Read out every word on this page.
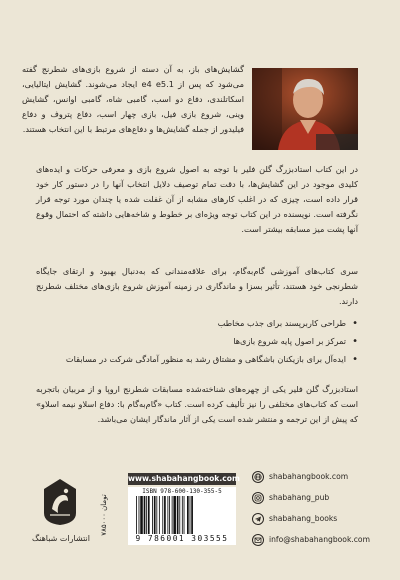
گشایش‌های باز، به آن دسته از شروع بازی‌های شطرنج گفته می‌شود که پس از 1.e4 e5 ایجاد می‌شوند. گشایش ایتالیایی، اسکاتلندی، دفاع دو اسب، گامبی شاه، گامبی اوانس، گشایش وینی، شروع بازی فیل، بازی چهار اسب، دفاع پتروف و دفاع فیلیدور از جمله گشایش‌ها و دفاع‌های مرتبط با این انتخاب هستند.
در این کتاب استادبزرگ گلن فلیر با توجه به اصول شروع بازی و معرفی حرکات و ایده‌های کلیدی موجود در این گشایش‌ها، با دقت تمام توصیف دلایل انتخاب آنها را در دستور کار خود قرار داده است، چیزی که در اغلب کارهای مشابه از آن غفلت شده یا چندان مورد توجه قرار نگرفته است. نویسنده در این کتاب توجه ویژه‌ای بر خطوط و شاخه‌هایی داشته که احتمال وقوع آنها پشت میز مسابقه بیشتر است.
سری کتاب‌های آموزشی گام‌به‌گام، برای علاقه‌مندانی که به‌دنبال بهبود و ارتقای جایگاه شطرنجی خود هستند، تأثیر بسزا و ماندگاری در زمینه آموزش شروع بازی‌های مختلف شطرنج دارند.
• طراحی کاربرپسند برای جذب مخاطب
• تمرکز بر اصول پایه شروع بازی‌ها
• ایده‌آل برای بازیکنان باشگاهی و مشتاق رشد به منظور آمادگی شرکت در مسابقات
استادبزرگ گلن فلیر یکی از چهره‌های شناخته‌شده مسابقات شطرنج اروپا و از مربیان باتجربه است که کتاب‌های مختلفی را نیز تألیف کرده است. کتاب «گام‌به‌گام با: دفاع اسلاو نیمه اسلاو» که پیش از این ترجمه و منتشر شده است یکی از آثار ماندگار ایشان می‌باشد.
انتشارات شباهنگ
۷۸۵۰۰۰ تومان
www.shabahangbook.com
ISBN 978-600-130-355-5
9 786001 303555
shabahangbook.com
shabahang_pub
shabahang_books
info@shabahangbook.com
